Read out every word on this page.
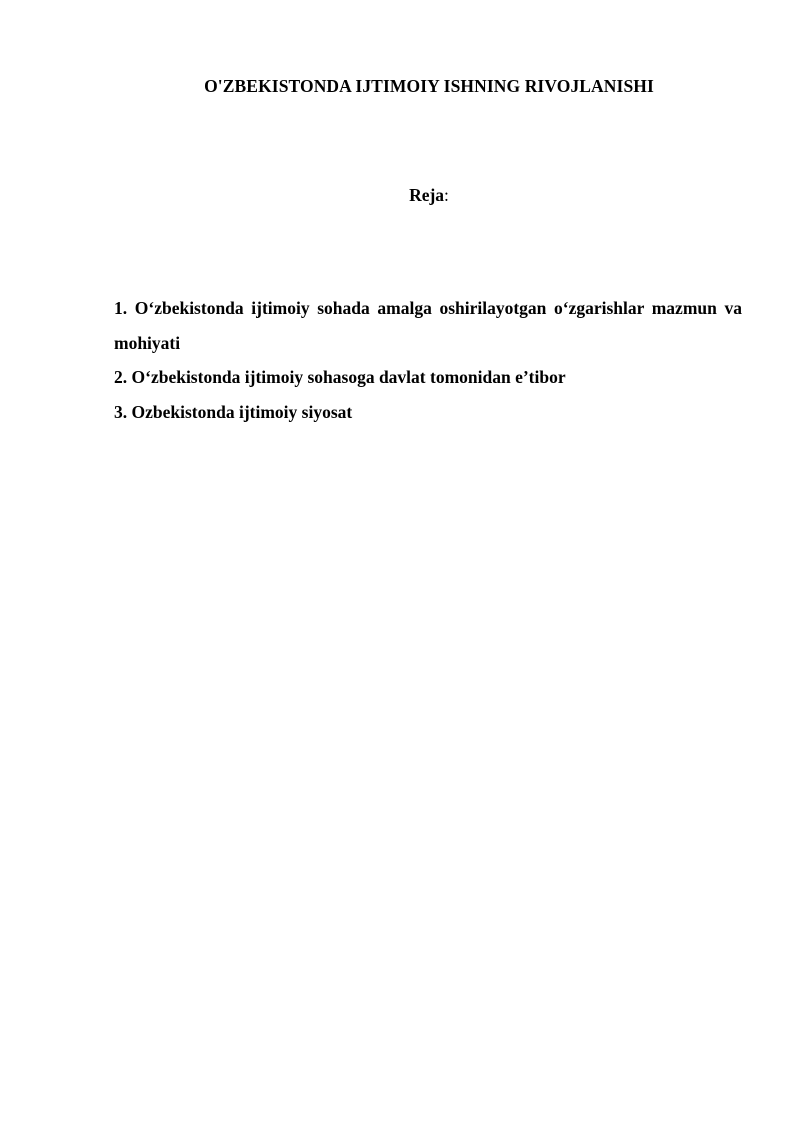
O'ZBEKISTONDA IJTIMOIY ISHNING RIVOJLANISHI
Reja:
1. O‘zbekistonda ijtimoiy sohada amalga oshirilayotgan o‘zgarishlar mazmun va mohiyati
2. O‘zbekistonda ijtimoiy sohasoga davlat tomonidan e’tibor
3. Ozbekistonda ijtimoiy siyosat
